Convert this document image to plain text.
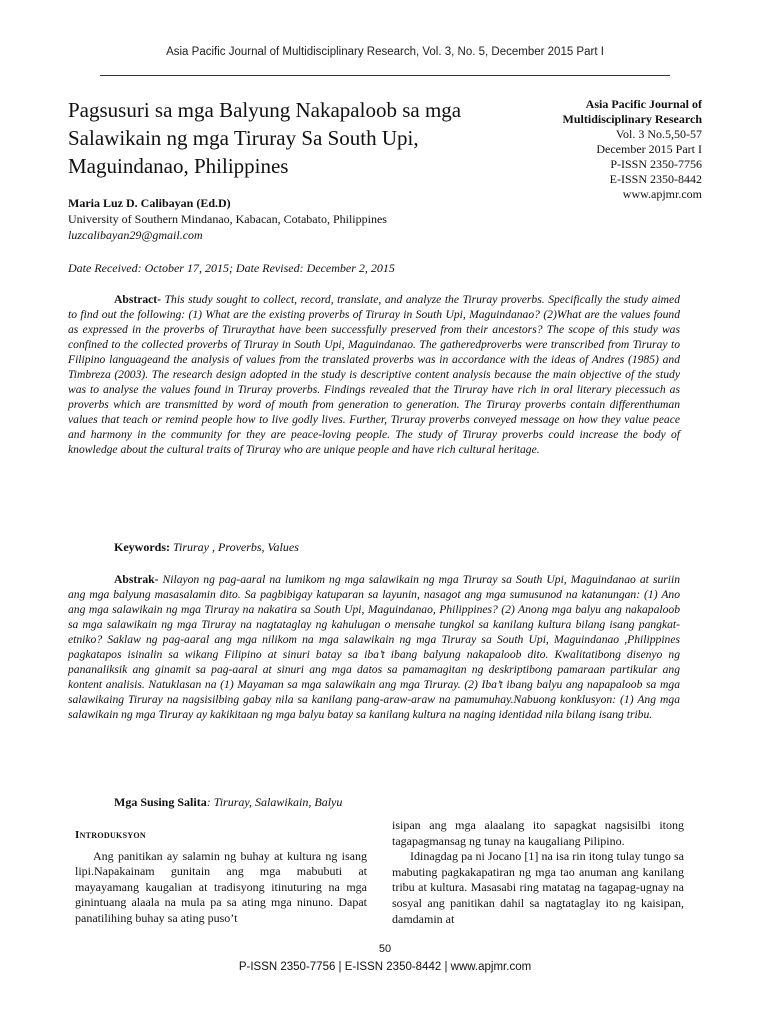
Asia Pacific Journal of Multidisciplinary Research, Vol. 3, No. 5, December 2015 Part I
Pagsusuri sa mga Balyung Nakapaloob sa mga Salawikain ng mga Tiruray Sa South Upi, Maguindanao, Philippines
Asia Pacific Journal of
Multidisciplinary Research
Vol. 3 No.5,50-57
December 2015 Part I
P-ISSN 2350-7756
E-ISSN 2350-8442
www.apjmr.com
Maria Luz D. Calibayan (Ed.D)
University of Southern Mindanao, Kabacan, Cotabato, Philippines
luzcalibayan29@gmail.com
Date Received: October 17, 2015; Date Revised: December 2, 2015

Abstract- This study sought to collect, record, translate, and analyze the Tiruray proverbs. Specifically the study aimed to find out the following: (1) What are the existing proverbs of Tiruray in South Upi, Maguindanao? (2)What are the values found as expressed in the proverbs of Tiruraythat have been successfully preserved from their ancestors? The scope of this study was confined to the collected proverbs of Tiruray in South Upi, Maguindanao. The gatheredproverbs were transcribed from Tiruray to Filipino languageand the analysis of values from the translated proverbs was in accordance with the ideas of Andres (1985) and Timbreza (2003). The research design adopted in the study is descriptive content analysis because the main objective of the study was to analyse the values found in Tiruray proverbs. Findings revealed that the Tiruray have rich in oral literary piecessuch as proverbs which are transmitted by word of mouth from generation to generation. The Tiruray proverbs contain differenthuman values that teach or remind people how to live godly lives. Further, Tiruray proverbs conveyed message on how they value peace and harmony in the community for they are peace-loving people. The study of Tiruray proverbs could increase the body of knowledge about the cultural traits of Tiruray who are unique people and have rich cultural heritage.

Keywords: Tiruray , Proverbs, Values

Abstrak- Nilayon ng pag-aaral na lumikom ng mga salawikain ng mga Tiruray sa South Upi, Maguindanao at suriin ang mga balyung masasalamin dito. Sa pagbibigay katuparan sa layunin, nasagot ang mga sumusunod na katanungan: (1) Ano ang mga salawikain ng mga Tiruray na nakatira sa South Upi, Maguindanao, Philippines? (2) Anong mga balyu ang nakapaloob sa mga salawikain ng mga Tiruray na nagtataglay ng kahulugan o mensahe tungkol sa kanilang kultura bilang isang pangkat-etniko? Saklaw ng pag-aaral ang mga nilikom na mga salawikain ng mga Tiruray sa South Upi, Maguindanao ,Philippines pagkatapos isinalin sa wikang Filipino at sinuri batay sa iba’t ibang balyung nakapaloob dito. Kwalitatibong disenyo ng pananaliksik ang ginamit sa pag-aaral at sinuri ang mga datos sa pamamagitan ng deskriptibong pamaraan partikular ang kontent analisis. Natuklasan na (1) Mayaman sa mga salawikain ang mga Tiruray. (2) Iba’t ibang balyu ang napapaloob sa mga salawikaing Tiruray na nagsisilbing gabay nila sa kanilang pang-araw-araw na pamumuhay.Nabuong konklusyon: (1) Ang mga salawikain ng mga Tiruray ay kakikitaan ng mga balyu batay sa kanilang kultura na naging identidad nila bilang isang tribu.

Mga Susing Salita: Tiruray, Salawikain, Balyu
Introduksyon

Ang panitikan ay salamin ng buhay at kultura ng isang lipi.Napakainam gunitain ang mga mabubuti at mayayamang kaugalian at tradisyong itinuturing na mga ginintuang alaala na mula pa sa ating mga ninuno. Dapat panatilihing buhay sa ating puso’t

isipan ang mga alaalang ito sapagkat nagsisilbi itong tagapagmansag ng tunay na kaugaliang Pilipino.

Idinagdag pa ni Jocano [1] na isa rin itong tulay tungo sa mabuting pagkakapatiran ng mga tao anuman ang kanilang tribu at kultura. Masasabi ring matatag na tagapag-ugnay na sosyal ang panitikan dahil sa nagtataglay ito ng kaisipan, damdamin at

50
P-ISSN 2350-7756 | E-ISSN 2350-8442 | www.apjmr.com
